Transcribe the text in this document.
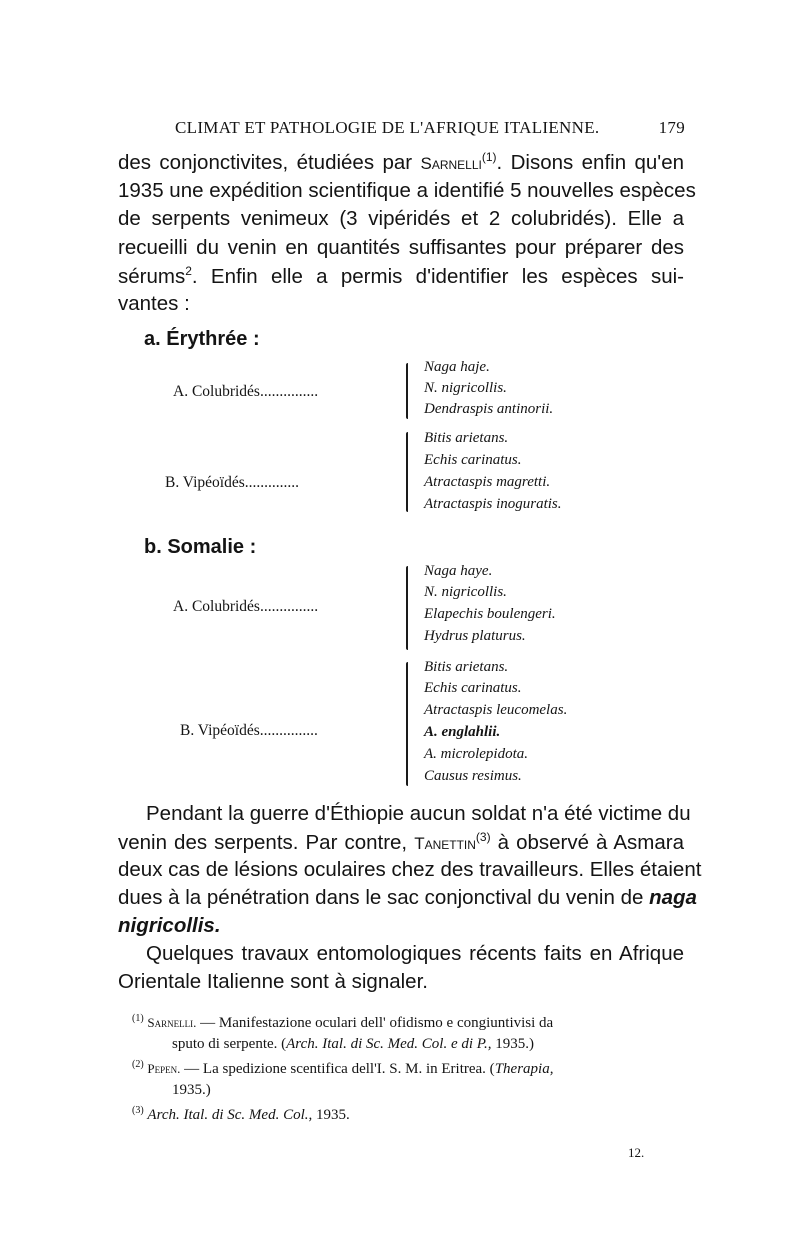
CLIMAT ET PATHOLOGIE DE L'AFRIQUE ITALIENNE.	179
des conjonctivites, étudiées par Sarnelli$^{(1)}$. Disons enfin qu'en
1935 une expédition scientifique a identifié 5 nouvelles espèces
de serpents venimeux (3 vipéridés et 2 colubridés). Elle a
recueilli du venin en quantités suffisantes pour préparer des
sérums$^2$. Enfin elle a permis d'identifier les espèces sui-
vantes :
a. Érythrée :
A. Colubridés...............
Naga haje.
N. nigricollis.
Dendraspis antinorii.
B. Vipéoïdés..............
Bitis arietans.
Echis carinatus.
Atractaspis magretti.
Atractaspis inoguratis.
b. Somalie :
A. Colubridés...............
Naga haye.
N. nigricollis.
Elapechis boulengeri.
Hydrus platurus.
B. Vipéoïdés...............
Bitis arietans.
Echis carinatus.
Atractaspis leucomelas.
A. englahlii.
A. microlepidota.
Causus resimus.
Pendant la guerre d'Éthiopie aucun soldat n'a été victime du
venin des serpents. Par contre, Tanettin$^{(3)}$ à observé à Asmara
deux cas de lésions oculaires chez des travailleurs. Elles étaient
dues à la pénétration dans le sac conjonctival du venin de naga
nigricollis.
Quelques travaux entomologiques récents faits en Afrique
Orientale Italienne sont à signaler.
$^{(1)}$ Sarnelli. — Manifestazione oculari dell' ofidismo e congiuntivisi da
sputo di serpente. (Arch. Ital. di Sc. Med. Col. e di P., 1935.)
$^{(2)}$ Pepen. — La spedizione scentifica dell'I. S. M. in Eritrea. (Therapia,
1935.)
$^{(3)}$ Arch. Ital. di Sc. Med. Col., 1935.
12.
